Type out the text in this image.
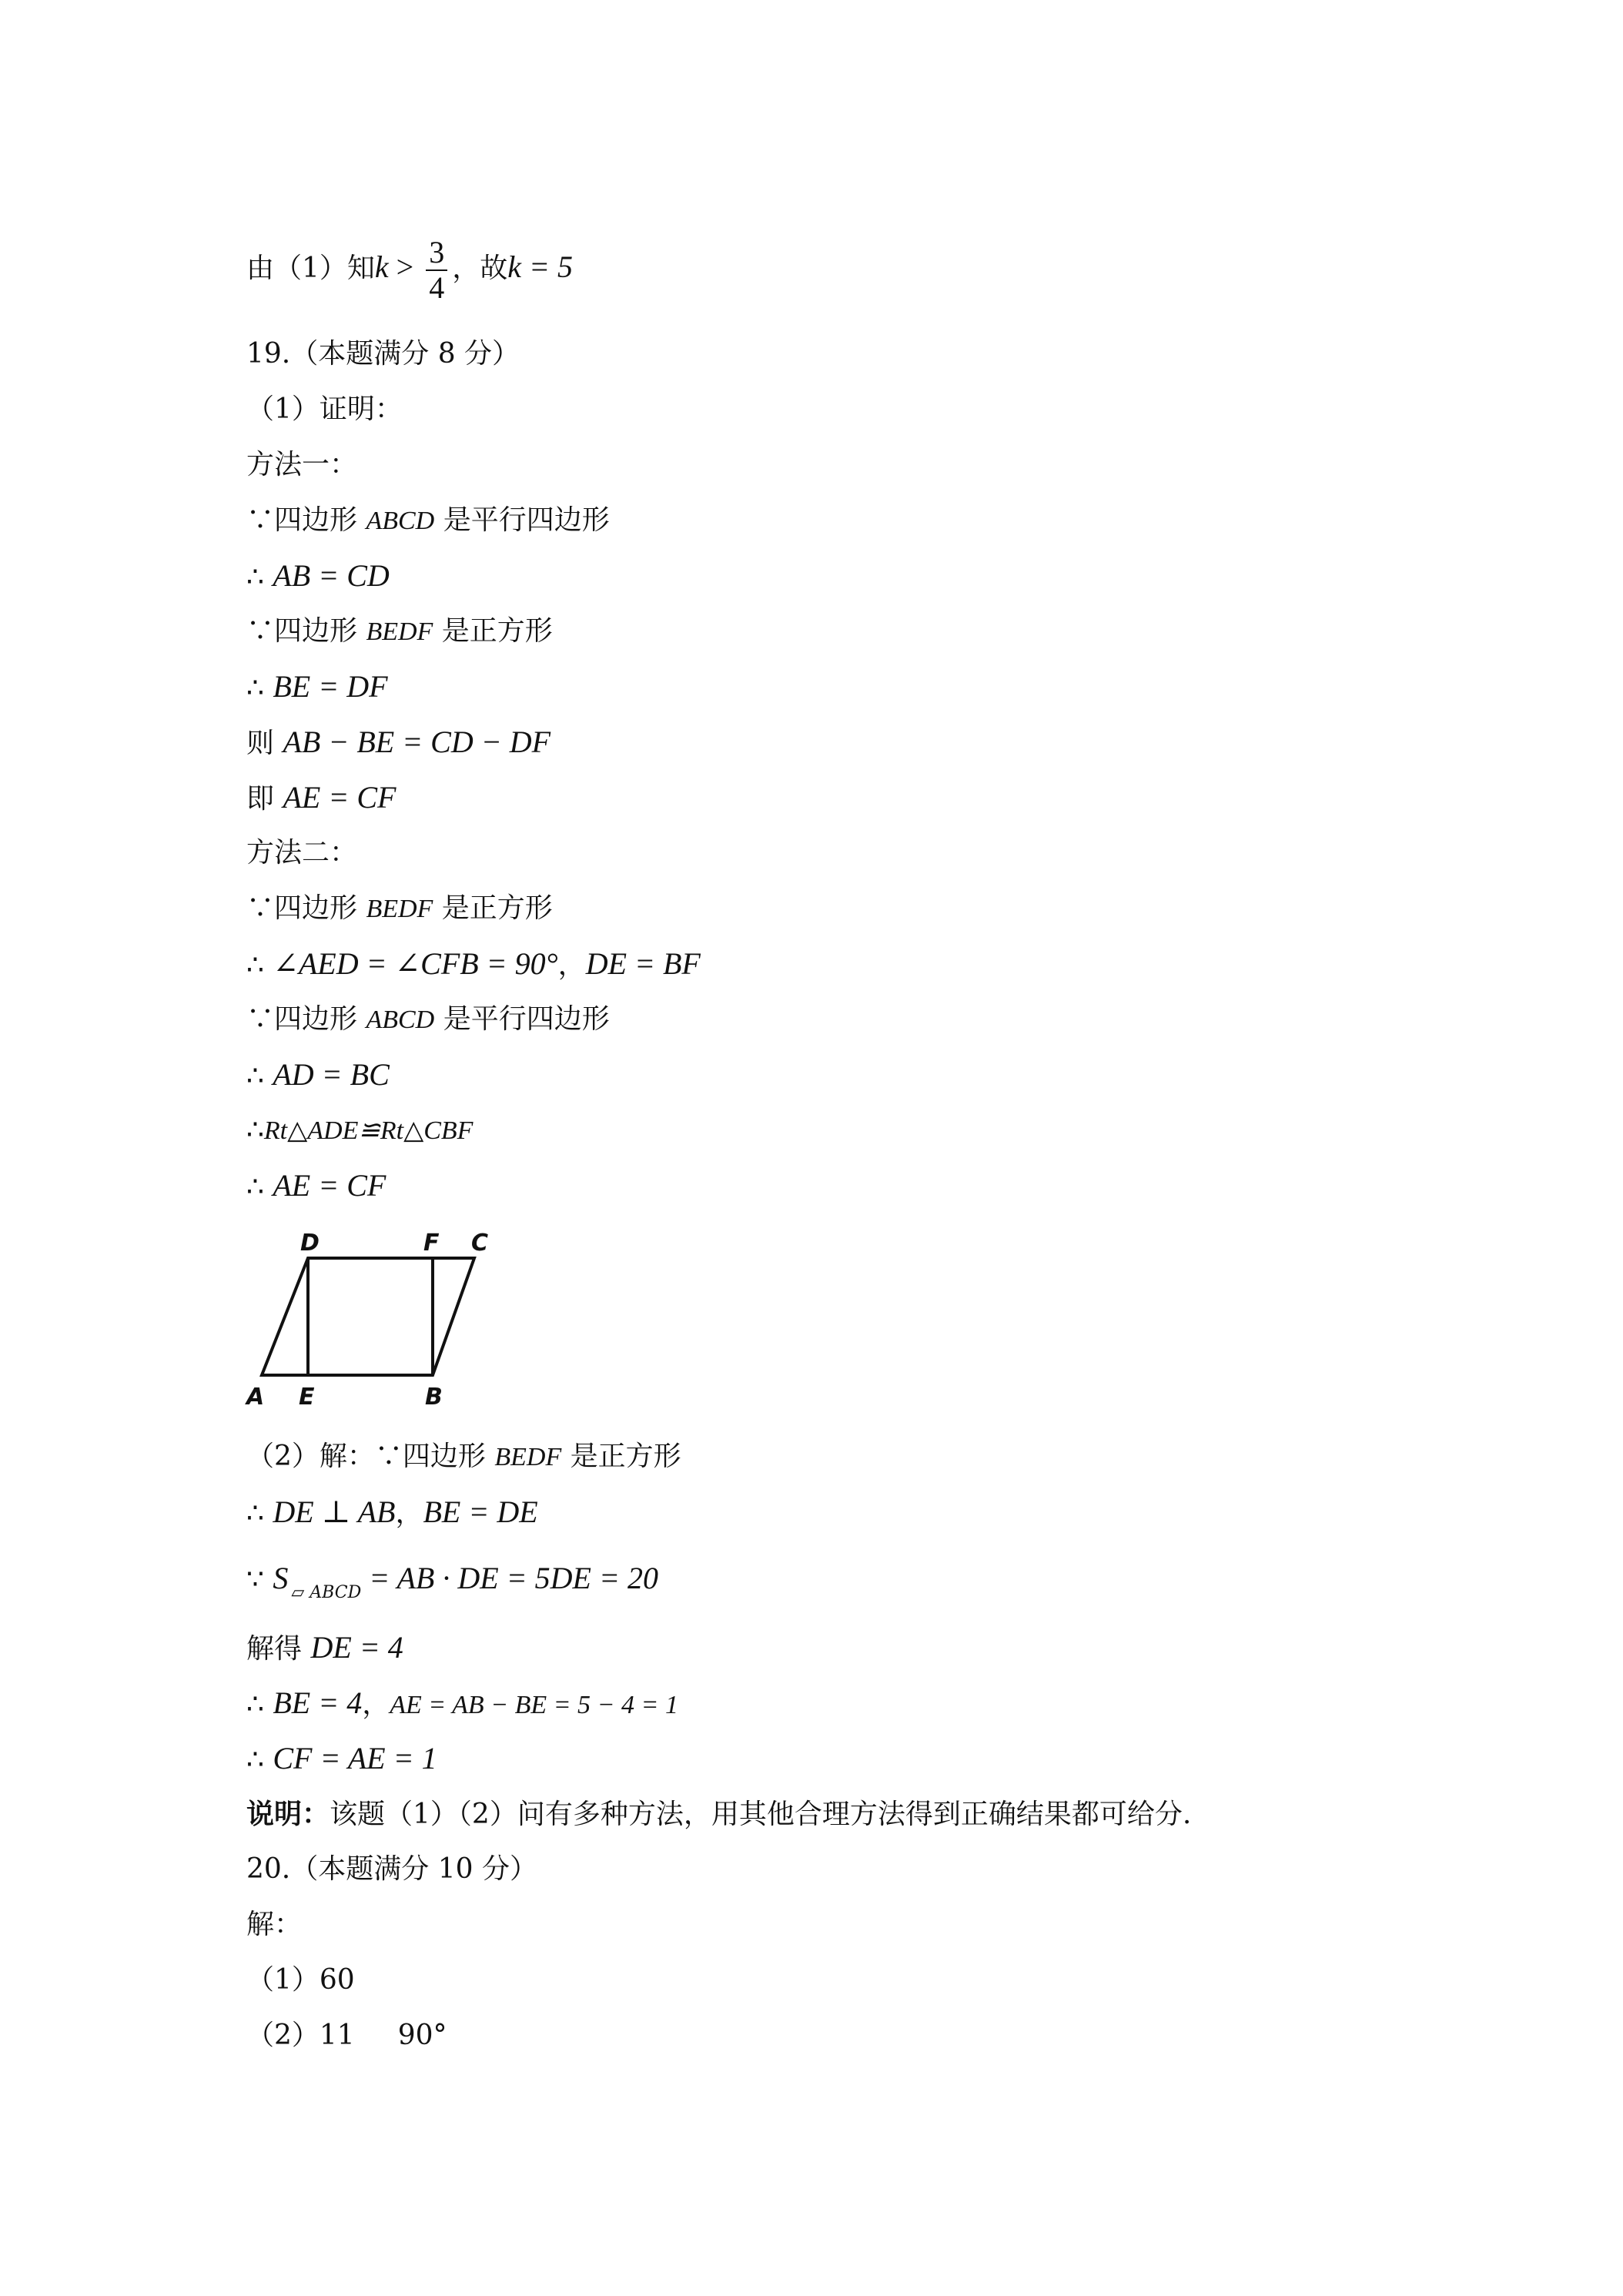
由（1）知$k > \frac{3}{4}$ ，故k = 5
19.（本题满分 8 分）
（1）证明：
方法一：
∵四边形 ABCD 是平行四边形
∴ AB = CD
∵四边形 BEDF 是正方形
∴ BE = DF
则 AB − BE = CD − DF
即 AE = CF
方法二：
∵四边形 BEDF 是正方形
∴ ∠AED = ∠CFB = 90°，DE = BF
∵四边形 ABCD 是平行四边形
∴ AD = BC
∴Rt△ADE≌Rt△CBF
∴ AE = CF
D	F C
A E	B
（2）解：∵四边形 BEDF 是正方形
∴ DE ⊥ AB，BE = DE
∵ S $_{▱ ABCD}$ = AB · DE = 5DE = 20
解得 DE = 4
∴ BE = 4，AE = AB − BE = 5 − 4 = 1
∴ CF = AE = 1
说明：该题（1）（2）问有多种方法，用其他合理方法得到正确结果都可给分.
20.（本题满分 10 分）
解：
（1）60
（2）11 90°
